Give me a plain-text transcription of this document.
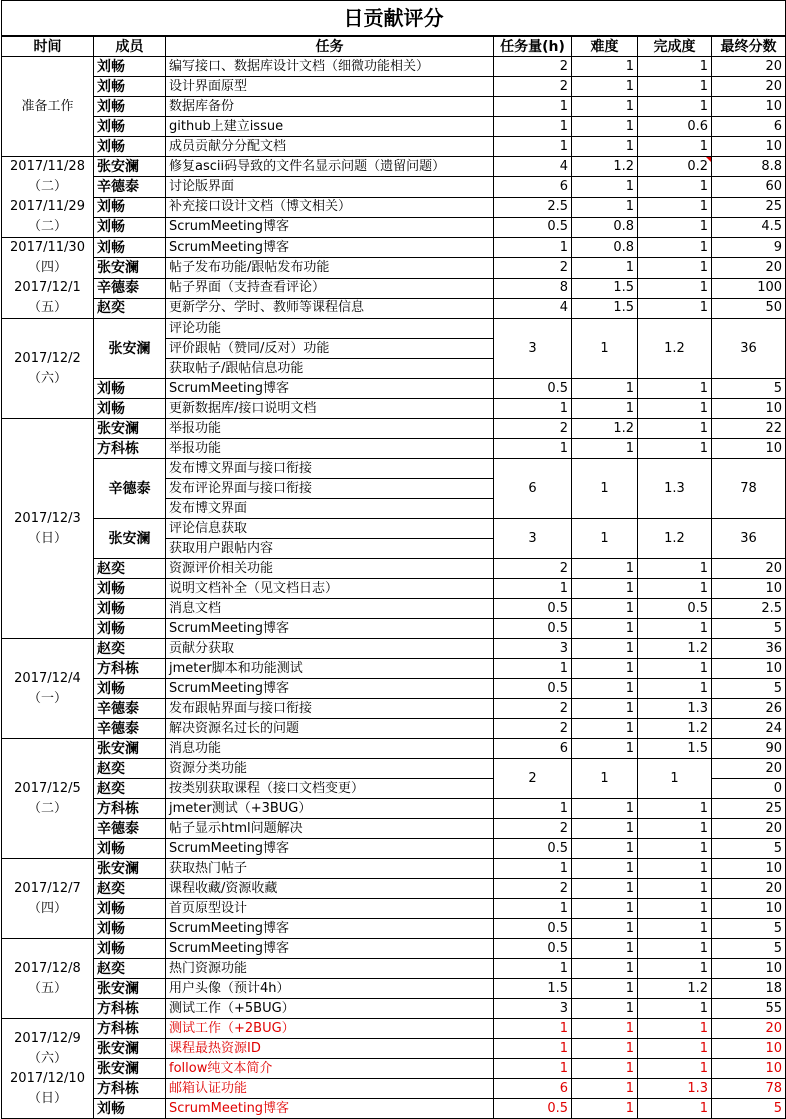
日贡献评分						
时间	成员	任务	任务量(h)	难度	完成度	最终分数
准备工作	刘畅	编写接口、数据库设计文档（细微功能相关）	2	1	1	20
	刘畅	设计界面原型	2	1	1	20
	刘畅	数据库备份	1	1	1	10
	刘畅	github上建立issue	1	1	0.6	6
	刘畅	成员贡献分分配文档	1	1	1	10
2017/11/28（二）2017/11/29（二）	张安澜	修复ascii码导致的文件名显示问题（遗留问题）	4	1.2	0.2	8.8
	辛德泰	讨论版界面	6	1	1	60
	刘畅	补充接口设计文档（博文相关）	2.5	1	1	25
	刘畅	ScrumMeeting博客	0.5	0.8	1	4.5
2017/11/30（四）2017/12/1（五）	刘畅	ScrumMeeting博客	1	0.8	1	9
	张安澜	帖子发布功能/跟帖发布功能	2	1	1	20
	辛德泰	帖子界面（支持查看评论）	8	1.5	1	100
	赵奕	更新学分、学时、教师等课程信息	4	1.5	1	50
2017/12/2（六）	张安澜	评论功能	3	1	1.2	36
		评价跟帖（赞同/反对）功能				
		获取帖子/跟帖信息功能				
	刘畅	ScrumMeeting博客	0.5	1	1	5
	刘畅	更新数据库/接口说明文档	1	1	1	10
2017/12/3（日）	张安澜	举报功能	2	1.2	1	22
	方科栋	举报功能	1	1	1	10
	辛德泰	发布博文界面与接口衔接	6	1	1.3	78
		发布评论界面与接口衔接				
		发布博文界面				
	张安澜	评论信息获取	3	1	1.2	36
		获取用户跟帖内容				
	赵奕	资源评价相关功能	2	1	1	20
	刘畅	说明文档补全（见文档日志）	1	1	1	10
	刘畅	消息文档	0.5	1	0.5	2.5
	刘畅	ScrumMeeting博客	0.5	1	1	5
2017/12/4（一）	赵奕	贡献分获取	3	1	1.2	36
	方科栋	jmeter脚本和功能测试	1	1	1	10
	刘畅	ScrumMeeting博客	0.5	1	1	5
	辛德泰	发布跟帖界面与接口衔接	2	1	1.3	26
	辛德泰	解决资源名过长的问题	2	1	1.2	24
2017/12/5（二）	张安澜	消息功能	6	1	1.5	90
	赵奕	资源分类功能	2	1	1	20
	赵奕	按类别获取课程（接口文档变更）				0
	方科栋	jmeter测试（+3BUG）	1	1	1	25
	辛德泰	帖子显示html问题解决	2	1	1	20
	刘畅	ScrumMeeting博客	0.5	1	1	5
2017/12/7（四）	张安澜	获取热门帖子	1	1	1	10
	赵奕	课程收藏/资源收藏	2	1	1	20
	刘畅	首页原型设计	1	1	1	10
	刘畅	ScrumMeeting博客	0.5	1	1	5
2017/12/8（五）	刘畅	ScrumMeeting博客	0.5	1	1	5
	赵奕	热门资源功能	1	1	1	10
	张安澜	用户头像（预计4h）	1.5	1	1.2	18
	方科栋	测试工作（+5BUG）	3	1	1	55
2017/12/9（六）2017/12/10（日）	方科栋	测试工作（+2BUG）	1	1	1	20
	张安澜	课程最热资源ID	1	1	1	10
	张安澜	follow纯文本简介	1	1	1	10
	方科栋	邮箱认证功能	6	1	1.3	78
	刘畅	ScrumMeeting博客	0.5	1	1	5
